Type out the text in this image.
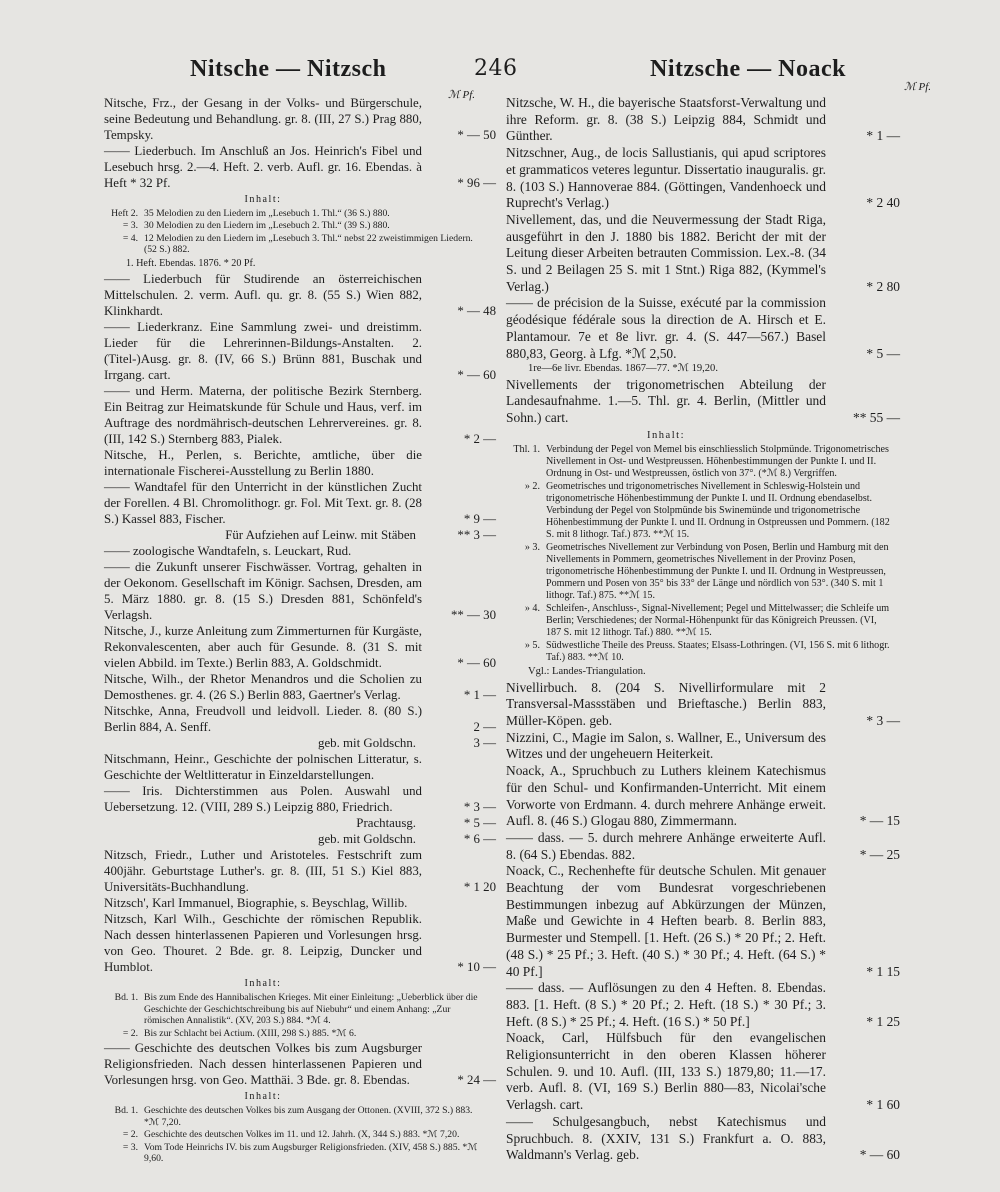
Nitsche — Nitzsch	246	Nitzsche — Noack
ℳ Pf.
ℳ Pf.
Nitsche, Frz., der Gesang in der Volks- und Bürgerschule, seine Bedeutung und Behandlung. gr. 8. (III, 27 S.) Prag 880, Tempsky.	* — 50
—— Liederbuch. Im Anschluß an Jos. Heinrich's Fibel und Lesebuch hrsg. 2.—4. Heft. 2. verb. Aufl. gr. 16. Ebendas. à Heft * 32 Pf.	* 96 —
Inhalt:
Heft 2. 35 Melodien zu den Liedern im „Lesebuch 1. Thl.“ (36 S.) 880.
= 3. 30 Melodien zu den Liedern im „Lesebuch 2. Thl.“ (39 S.) 880.
= 4. 12 Melodien zu den Liedern im „Lesebuch 3. Thl.“ nebst 22 zweistimmigen Liedern. (52 S.) 882.
1. Heft. Ebendas. 1876. * 20 Pf.
—— Liederbuch für Studirende an österreichischen Mittelschulen. 2. verm. Aufl. qu. gr. 8. (55 S.) Wien 882, Klinkhardt.	* — 48
—— Liederkranz. Eine Sammlung zwei- und dreistimm. Lieder für die Lehrerinnen-Bildungs-Anstalten. 2. (Titel-)Ausg. gr. 8. (IV, 66 S.) Brünn 881, Buschak und Irrgang. cart.	* — 60
—— und Herm. Materna, der politische Bezirk Sternberg. Ein Beitrag zur Heimatskunde für Schule und Haus, verf. im Auftrage des nordmährisch-deutschen Lehrervereines. gr. 8. (III, 142 S.) Sternberg 883, Pialek.	* 2 —
Nitsche, H., Perlen, s. Berichte, amtliche, über die internationale Fischerei-Ausstellung zu Berlin 1880.
—— Wandtafel für den Unterricht in der künstlichen Zucht der Forellen. 4 Bl. Chromolithogr. gr. Fol. Mit Text. gr. 8. (28 S.) Kassel 883, Fischer.	* 9 —
Für Aufziehen auf Leinw. mit Stäben	** 3 —
—— zoologische Wandtafeln, s. Leuckart, Rud.
—— die Zukunft unserer Fischwässer. Vortrag, gehalten in der Oekonom. Gesellschaft im Königr. Sachsen, Dresden, am 5. März 1880. gr. 8. (15 S.) Dresden 881, Schönfeld's Verlagsh.	** — 30
Nitsche, J., kurze Anleitung zum Zimmerturnen für Kurgäste, Rekonvalescenten, aber auch für Gesunde. 8. (31 S. mit vielen Abbild. im Texte.) Berlin 883, A. Goldschmidt.	* — 60
Nitsche, Wilh., der Rhetor Menandros und die Scholien zu Demosthenes. gr. 4. (26 S.) Berlin 883, Gaertner's Verlag.	* 1 —
Nitschke, Anna, Freudvoll und leidvoll. Lieder. 8. (80 S.) Berlin 884, A. Senff.	2 —
geb. mit Goldschn.	3 —
Nitschmann, Heinr., Geschichte der polnischen Litteratur, s. Geschichte der Weltlitteratur in Einzeldarstellungen.
—— Iris. Dichterstimmen aus Polen. Auswahl und Uebersetzung. 12. (VIII, 289 S.) Leipzig 880, Friedrich.	* 3 —
Prachtausg.	* 5 —
geb. mit Goldschn.	* 6 —
Nitzsch, Friedr., Luther und Aristoteles. Festschrift zum 400jähr. Geburtstage Luther's. gr. 8. (III, 51 S.) Kiel 883, Universitäts-Buchhandlung.	* 1 20
Nitzsch', Karl Immanuel, Biographie, s. Beyschlag, Willib.
Nitzsch, Karl Wilh., Geschichte der römischen Republik. Nach dessen hinterlassenen Papieren und Vorlesungen hrsg. von Geo. Thouret. 2 Bde. gr. 8. Leipzig, Duncker und Humblot.	* 10 —
Inhalt:
Bd. 1. Bis zum Ende des Hannibalischen Krieges. Mit einer Einleitung: „Ueberblick über die Geschichte der Geschichtschreibung bis auf Niebuhr“ und einem Anhang: „Zur römischen Annalistik“. (XV, 203 S.) 884. *ℳ 4.
= 2. Bis zur Schlacht bei Actium. (XIII, 298 S.) 885. *ℳ 6.
—— Geschichte des deutschen Volkes bis zum Augsburger Religionsfrieden. Nach dessen hinterlassenen Papieren und Vorlesungen hrsg. von Geo. Matthäi. 3 Bde. gr. 8. Ebendas.	* 24 —
Inhalt:
Bd. 1. Geschichte des deutschen Volkes bis zum Ausgang der Ottonen. (XVIII, 372 S.) 883. *ℳ 7,20.
= 2. Geschichte des deutschen Volkes im 11. und 12. Jahrh. (X, 344 S.) 883. *ℳ 7,20.
= 3. Vom Tode Heinrichs IV. bis zum Augsburger Religionsfrieden. (XIV, 458 S.) 885. *ℳ 9,60.
Nitzsche, W. H., die bayerische Staatsforst-Verwaltung und ihre Reform. gr. 8. (38 S.) Leipzig 884, Schmidt und Günther.	* 1 —
Nitzschner, Aug., de locis Sallustianis, qui apud scriptores et grammaticos veteres leguntur. Dissertatio inauguralis. gr. 8. (103 S.) Hannoverae 884. (Göttingen, Vandenhoeck und Ruprecht's Verlag.)	* 2 40
Nivellement, das, und die Neuvermessung der Stadt Riga, ausgeführt in den J. 1880 bis 1882. Bericht der mit der Leitung dieser Arbeiten betrauten Commission. Lex.-8. (34 S. und 2 Beilagen 25 S. mit 1 Stnt.) Riga 882, (Kymmel's Verlag.)	* 2 80
—— de précision de la Suisse, exécuté par la commission géodésique fédérale sous la direction de A. Hirsch et E. Plantamour. 7e et 8e livr. gr. 4. (S. 447—567.) Basel 880,83, Georg. à Lfg. *ℳ 2,50.	* 5 —
1re—6e livr. Ebendas. 1867—77. *ℳ 19,20.
Nivellements der trigonometrischen Abteilung der Landesaufnahme. 1.—5. Thl. gr. 4. Berlin, (Mittler und Sohn.) cart.	** 55 —
Inhalt:
Thl. 1. Verbindung der Pegel von Memel bis einschliesslich Stolpmünde. Trigonometrisches Nivellement in Ost- und Westpreussen. Höhenbestimmungen der Punkte I. und II. Ordnung in Ost- und Westpreussen, östlich von 37°. (*ℳ 8.) Vergriffen.
» 2. Geometrisches und trigonometrisches Nivellement in Schleswig-Holstein und trigonometrische Höhenbestimmung der Punkte I. und II. Ordnung ebendaselbst. Verbindung der Pegel von Stolpmünde bis Swinemünde und trigonometrische Höhenbestimmung der Punkte I. und II. Ordnung in Ostpreussen und Pommern. (182 S. mit 8 lithogr. Taf.) 873. **ℳ 15.
» 3. Geometrisches Nivellement zur Verbindung von Posen, Berlin und Hamburg mit den Nivellements in Pommern, geometrisches Nivellement in der Provinz Posen, trigonometrische Höhenbestimmung der Punkte I. und II. Ordnung in Westpreussen, Pommern und Posen von 35° bis 33° der Länge und nördlich von 53°. (340 S. mit 1 lithogr. Taf.) 875. **ℳ 15.
» 4. Schleifen-, Anschluss-, Signal-Nivellement; Pegel und Mittelwasser; die Schleife um Berlin; Verschiedenes; der Normal-Höhenpunkt für das Königreich Preussen. (VI, 187 S. mit 12 lithogr. Taf.) 880. **ℳ 15.
» 5. Südwestliche Theile des Preuss. Staates; Elsass-Lothringen. (VI, 156 S. mit 6 lithogr. Taf.) 883. **ℳ 10.
Vgl.: Landes-Triangulation.
Nivellirbuch. 8. (204 S. Nivellirformulare mit 2 Transversal-Massstäben und Brieftasche.) Berlin 883, Müller-Köpen. geb.	* 3 —
Nizzini, C., Magie im Salon, s. Wallner, E., Universum des Witzes und der ungeheuern Heiterkeit.
Noack, A., Spruchbuch zu Luthers kleinem Katechismus für den Schul- und Konfirmanden-Unterricht. Mit einem Vorworte von Erdmann. 4. durch mehrere Anhänge erweit. Aufl. 8. (46 S.) Glogau 880, Zimmermann.	* — 15
—— dass. — 5. durch mehrere Anhänge erweiterte Aufl. 8. (64 S.) Ebendas. 882.	* — 25
Noack, C., Rechenhefte für deutsche Schulen. Mit genauer Beachtung der vom Bundesrat vorgeschriebenen Bestimmungen inbezug auf Abkürzungen der Münzen, Maße und Gewichte in 4 Heften bearb. 8. Berlin 883, Burmester und Stempell. [1. Heft. (26 S.) * 20 Pf.; 2. Heft. (48 S.) * 25 Pf.; 3. Heft. (40 S.) * 30 Pf.; 4. Heft. (64 S.) * 40 Pf.]	* 1 15
—— dass. — Auflösungen zu den 4 Heften. 8. Ebendas. 883. [1. Heft. (8 S.) * 20 Pf.; 2. Heft. (18 S.) * 30 Pf.; 3. Heft. (8 S.) * 25 Pf.; 4. Heft. (16 S.) * 50 Pf.]	* 1 25
Noack, Carl, Hülfsbuch für den evangelischen Religionsunterricht in den oberen Klassen höherer Schulen. 9. und 10. Aufl. (III, 133 S.) 1879,80; 11.—17. verb. Aufl. 8. (VI, 169 S.) Berlin 880—83, Nicolai'sche Verlagsh. cart.	* 1 60
—— Schulgesangbuch, nebst Katechismus und Spruchbuch. 8. (XXIV, 131 S.) Frankfurt a. O. 883, Waldmann's Verlag. geb.	* — 60
